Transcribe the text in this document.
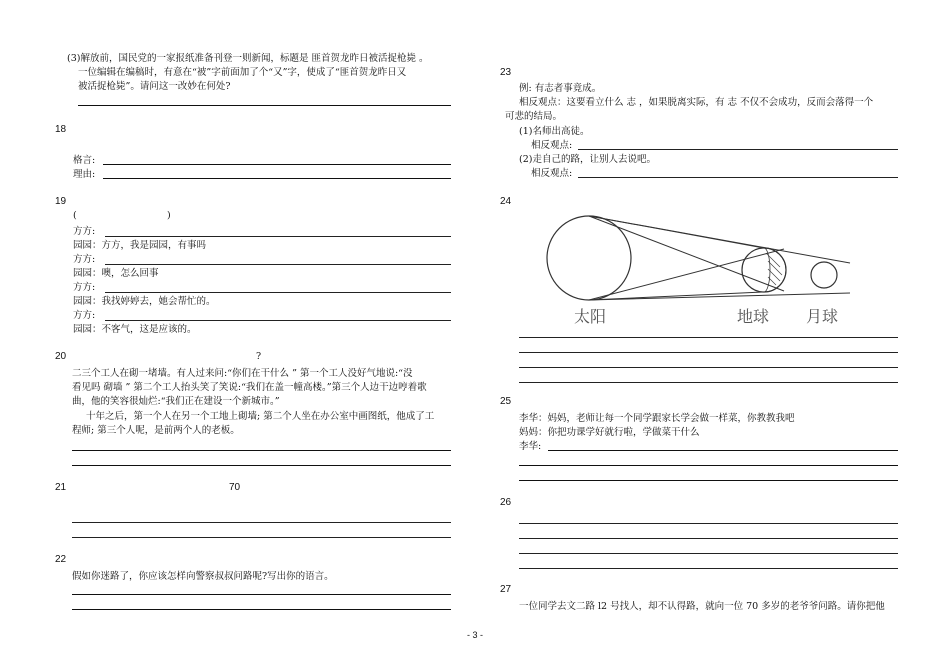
(3)解放前，国民党的一家报纸准备刊登一则新闻，标题是 匪首贺龙昨日被活捉枪毙 。
一位编辑在编稿时，有意在“被”字前面加了个“又”字，使成了“匪首贺龙昨日又
被活捉枪毙”。请问这一改妙在何处?
18
格言:
理由:
19
(	)
方方:
园园：方方，我是园园，有事吗
方方:
园园：噢，怎么回事
方方:
园园：我找婷婷去，她会帮忙的。
方方:
园园：不客气，这是应该的。
20	?
二三个工人在砌一堵墙。有人过来问:“你们在干什么 ” 第一个工人没好气地说:“没
看见吗 砌墙 ” 第二个工人抬头笑了笑说:“我们在盖一幢高楼。”第三个人边干边哼着歌
曲，他的笑容很灿烂:“我们正在建设一个新城市。”
十年之后，第一个人在另一个工地上砌墙; 第二个人坐在办公室中画图纸，他成了工
程师; 第三个人呢，是前两个人的老板。
21	70
22
假如你迷路了，你应该怎样向警察叔叔问路呢?写出你的语言。
23
例: 有志者事竟成。
相反观点：这要看立什么 志 ，如果脱离实际，有 志 不仅不会成功，反而会落得一个
可悲的结局。
(1)名师出高徒。
相反观点:
(2)走自己的路，让别人去说吧。
相反观点:
24
太阳	地球 月球
25
李华：妈妈，老师让每一个同学跟家长学会做一样菜，你教教我吧
妈妈：你把功课学好就行啦，学做菜干什么
李华:
26
27
一位同学去文二路 l2 号找人，却不认得路，就向一位 70 多岁的老爷爷问路。请你把他
- 3 -
